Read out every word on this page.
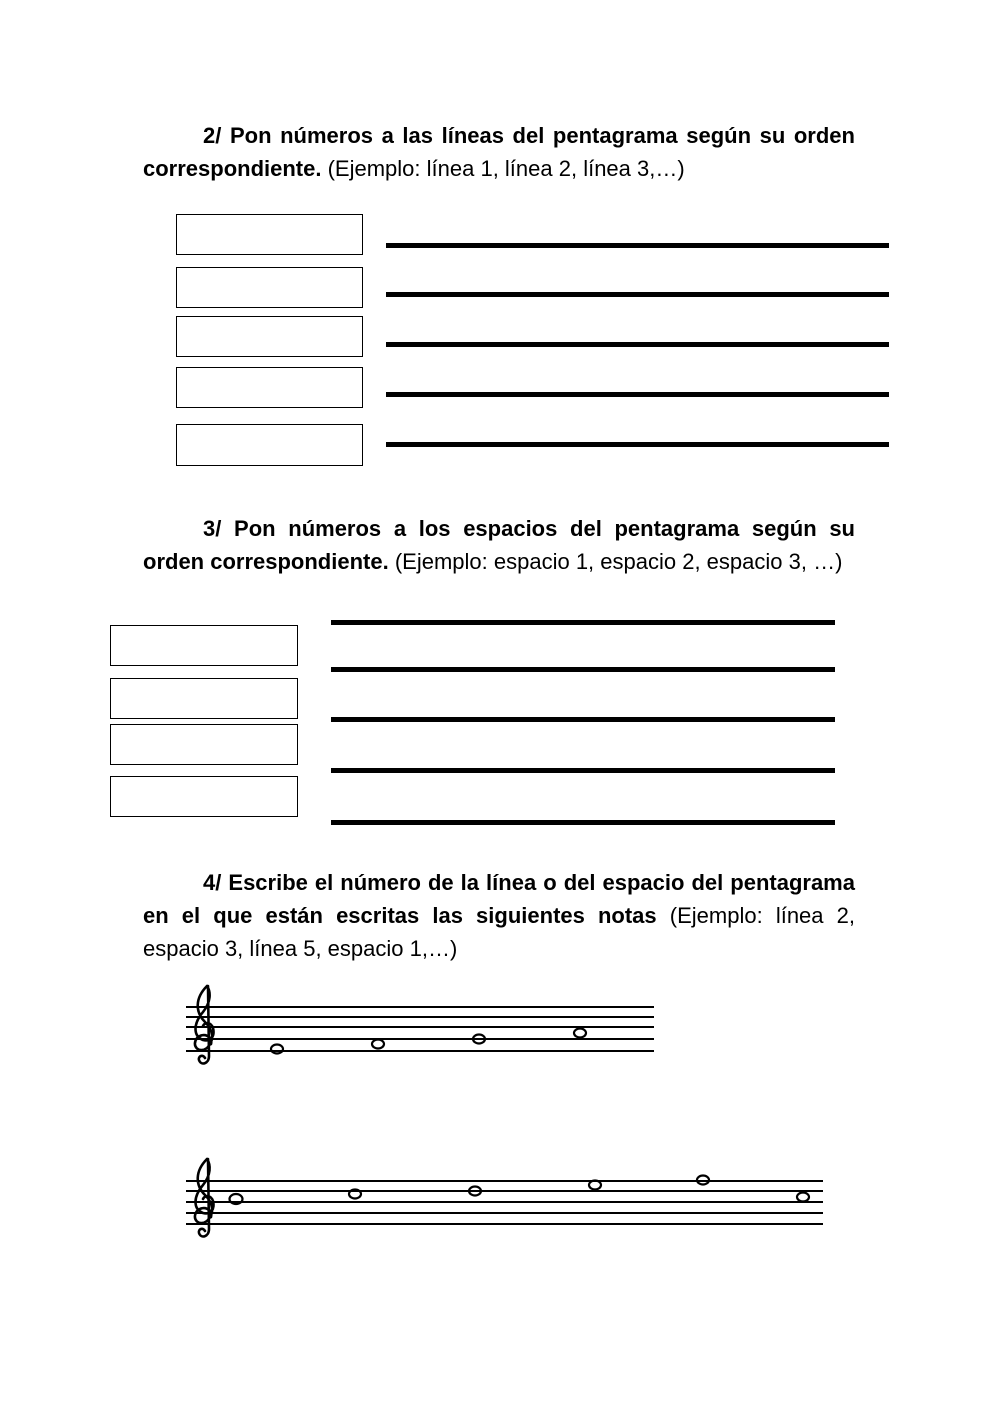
2/ Pon números a las líneas del pentagrama según su orden correspondiente. (Ejemplo: línea 1, línea 2, línea 3,…)
3/ Pon números a los espacios del pentagrama según su orden correspondiente. (Ejemplo: espacio 1, espacio 2, espacio 3, …)
4/ Escribe el número de la línea o del espacio del pentagrama en el que están escritas las siguientes notas (Ejemplo: línea 2, espacio 3, línea 5, espacio 1,…)
